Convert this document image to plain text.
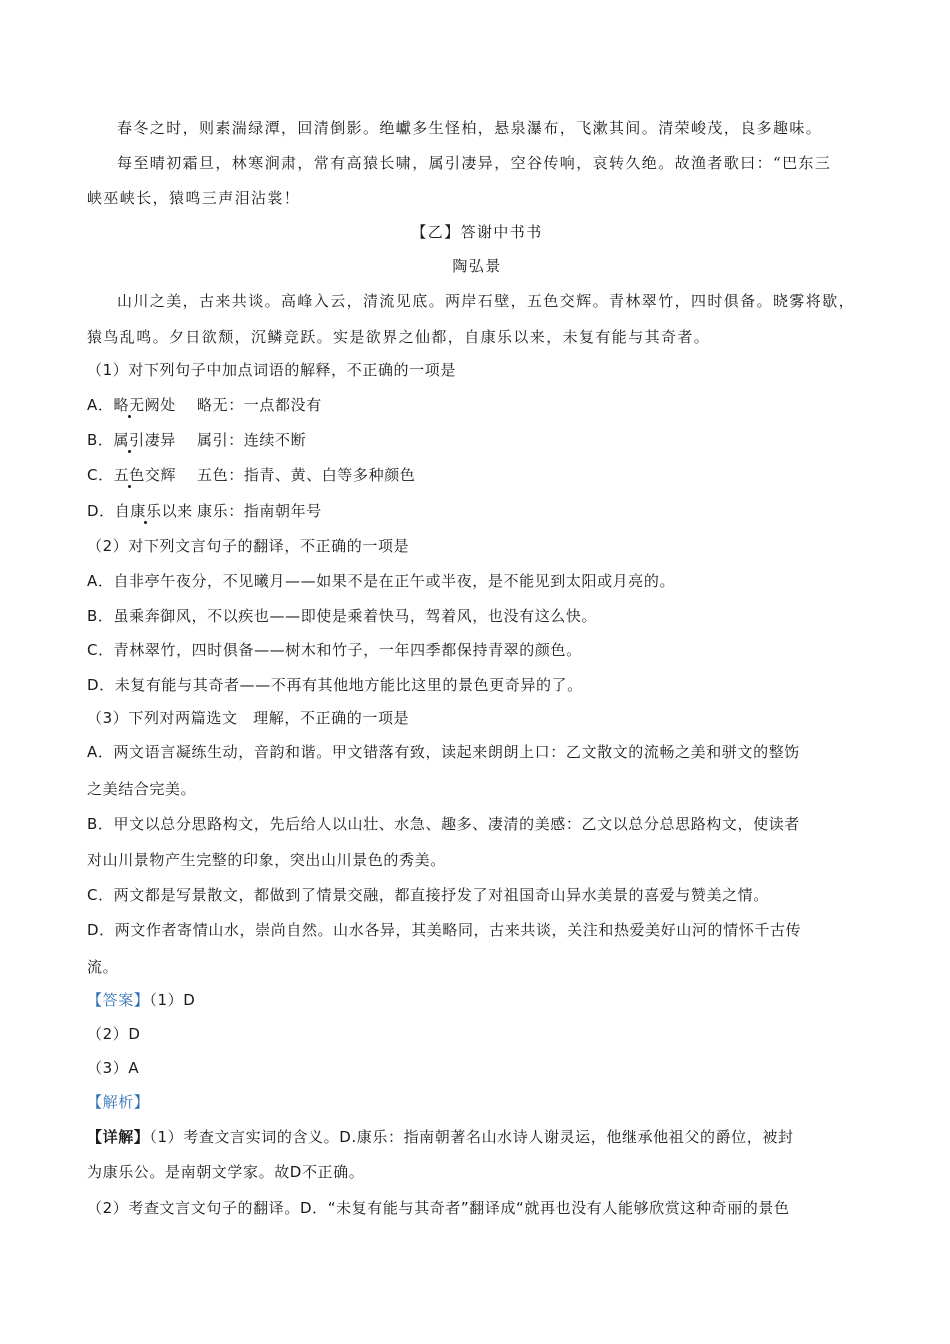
春冬之时，则素湍绿潭，回清倒影。绝巘多生怪柏，悬泉瀑布，飞漱其间。清荣峻茂，良多趣味。
每至晴初霜旦，林寒涧肃，常有高猿长啸，属引凄异，空谷传响，哀转久绝。故渔者歌曰：“巴东三
峡巫峡长，猿鸣三声泪沾裳！
【乙】答谢中书书
陶弘景
山川之美，古来共谈。高峰入云，清流见底。两岸石壁，五色交辉。青林翠竹，四时俱备。晓雾将歇，
猿鸟乱鸣。夕日欲颓，沉鳞竞跃。实是欲界之仙都，自康乐以来，未复有能与其奇者。
（1）对下列句子中加点词语的解释，不正确的一项是
A．略无阙处 略无：一点都没有
B．属引凄异 属引：连续不断
C．五色交辉 五色：指青、黄、白等多种颜色
D．自康乐以来 康乐：指南朝年号
（2）对下列文言句子的翻译，不正确的一项是
A．自非亭午夜分，不见曦月——如果不是在正午或半夜，是不能见到太阳或月亮的。
B．虽乘奔御风，不以疾也——即使是乘着快马，驾着风，也没有这么快。
C．青林翠竹，四时俱备——树木和竹子，一年四季都保持青翠的颜色。
D．未复有能与其奇者——不再有其他地方能比这里的景色更奇异的了。
（3）下列对两篇选文　理解，不正确的一项是
A．两文语言凝练生动，音韵和谐。甲文错落有致，读起来朗朗上口：乙文散文的流畅之美和骈文的整饬
之美结合完美。
B．甲文以总分思路构文，先后给人以山壮、水急、趣多、凄清的美感：乙文以总分总思路构文，使读者
对山川景物产生完整的印象，突出山川景色的秀美。
C．两文都是写景散文，都做到了情景交融，都直接抒发了对祖国奇山异水美景的喜爱与赞美之情。
D．两文作者寄情山水，崇尚自然。山水各异，其美略同，古来共谈，关注和热爱美好山河的情怀千古传
流。
【答案】（1）D
（2）D
（3）A
【解析】
【详解】（1）考查文言实词的含义。D.康乐：指南朝著名山水诗人谢灵运，他继承他祖父的爵位，被封
为康乐公。是南朝文学家。故D不正确。
（2）考查文言文句子的翻译。D．“未复有能与其奇者”翻译成“就再也没有人能够欣赏这种奇丽的景色
